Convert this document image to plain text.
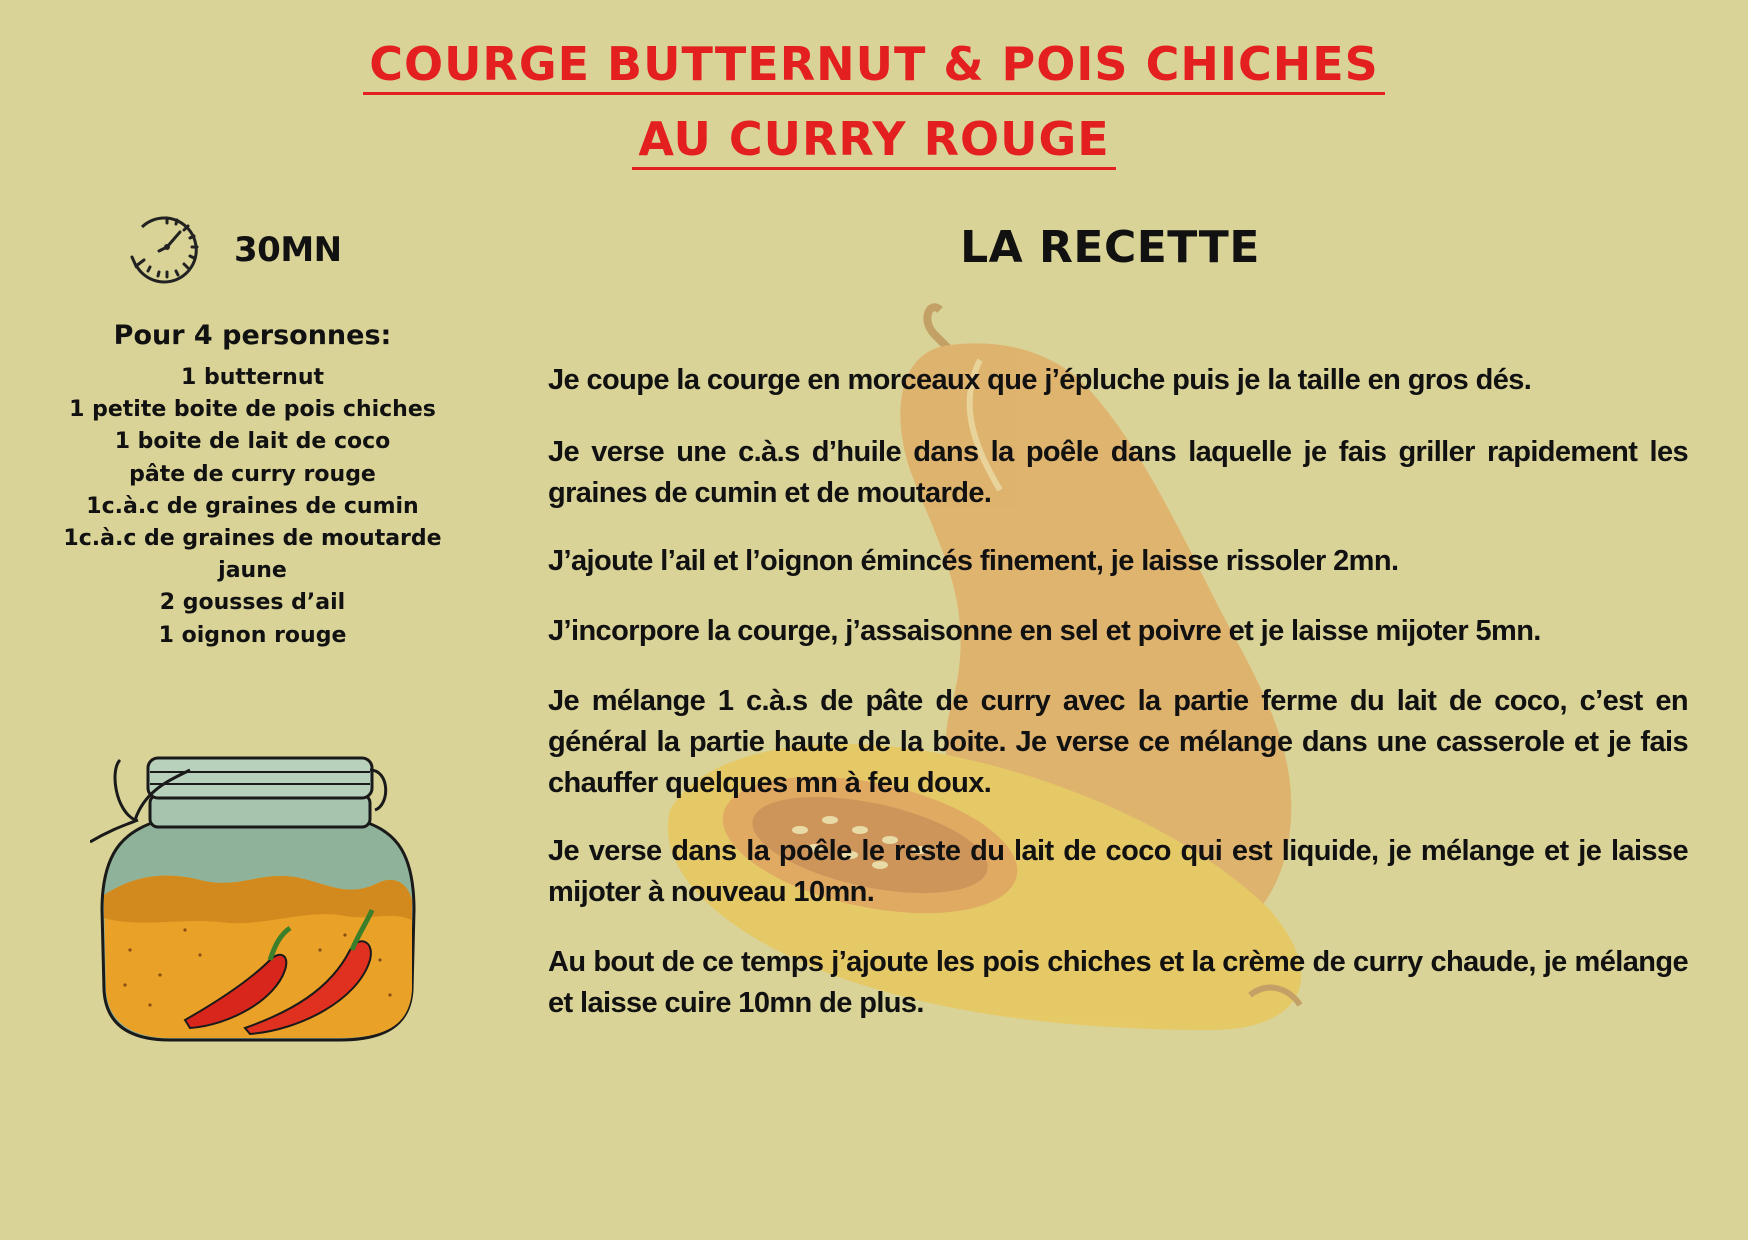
COURGE BUTTERNUT & POIS CHICHES
AU CURRY ROUGE
30MN	LA RECETTE
Pour 4 personnes:
1 butternut
1 petite boite de pois chiches
1 boite de lait de coco
pâte de curry rouge
1c.à.c de graines de cumin
1c.à.c de graines de moutarde jaune
2 gousses d’ail
1 oignon rouge

Je coupe la courge en morceaux que j’épluche puis je la taille en gros dés.

Je verse une c.à.s d’huile dans la poêle dans laquelle je fais griller rapidement les graines de cumin et de moutarde.

J’ajoute l’ail et l’oignon émincés finement, je laisse rissoler 2mn.

J’incorpore la courge, j’assaisonne en sel et poivre et je laisse mijoter 5mn.

Je mélange 1 c.à.s de pâte de curry avec la partie ferme du lait de coco, c’est en général la partie haute de la boite. Je verse ce mélange dans une casserole et je fais chauffer quelques mn à feu doux.

Je verse dans la poêle le reste du lait de coco qui est liquide, je mélange et je laisse mijoter à nouveau 10mn.

Au bout de ce temps j’ajoute les pois chiches et la crème de curry chaude, je mélange et laisse cuire 10mn de plus.
